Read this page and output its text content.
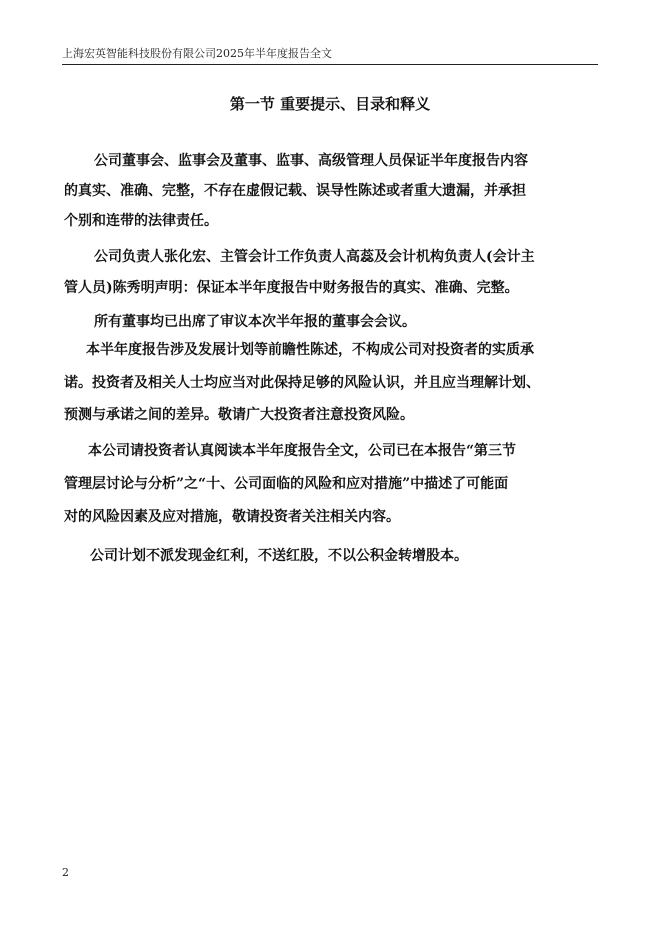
上海宏英智能科技股份有限公司2025年半年度报告全文
第一节 重要提示、目录和释义
公司董事会、监事会及董事、监事、高级管理人员保证半年度报告内容
的真实、准确、完整，不存在虚假记载、误导性陈述或者重大遗漏，并承担
个别和连带的法律责任。
公司负责人张化宏、主管会计工作负责人高蕊及会计机构负责人(会计主
管人员)陈秀明声明：保证本半年度报告中财务报告的真实、准确、完整。
所有董事均已出席了审议本次半年报的董事会会议。
本半年度报告涉及发展计划等前瞻性陈述，不构成公司对投资者的实质承
诺。投资者及相关人士均应当对此保持足够的风险认识，并且应当理解计划、
预测与承诺之间的差异。敬请广大投资者注意投资风险。
本公司请投资者认真阅读本半年度报告全文，公司已在本报告“第三节
管理层讨论与分析”之“十、公司面临的风险和应对措施”中描述了可能面
对的风险因素及应对措施，敬请投资者关注相关内容。
公司计划不派发现金红利，不送红股，不以公积金转增股本。
2
